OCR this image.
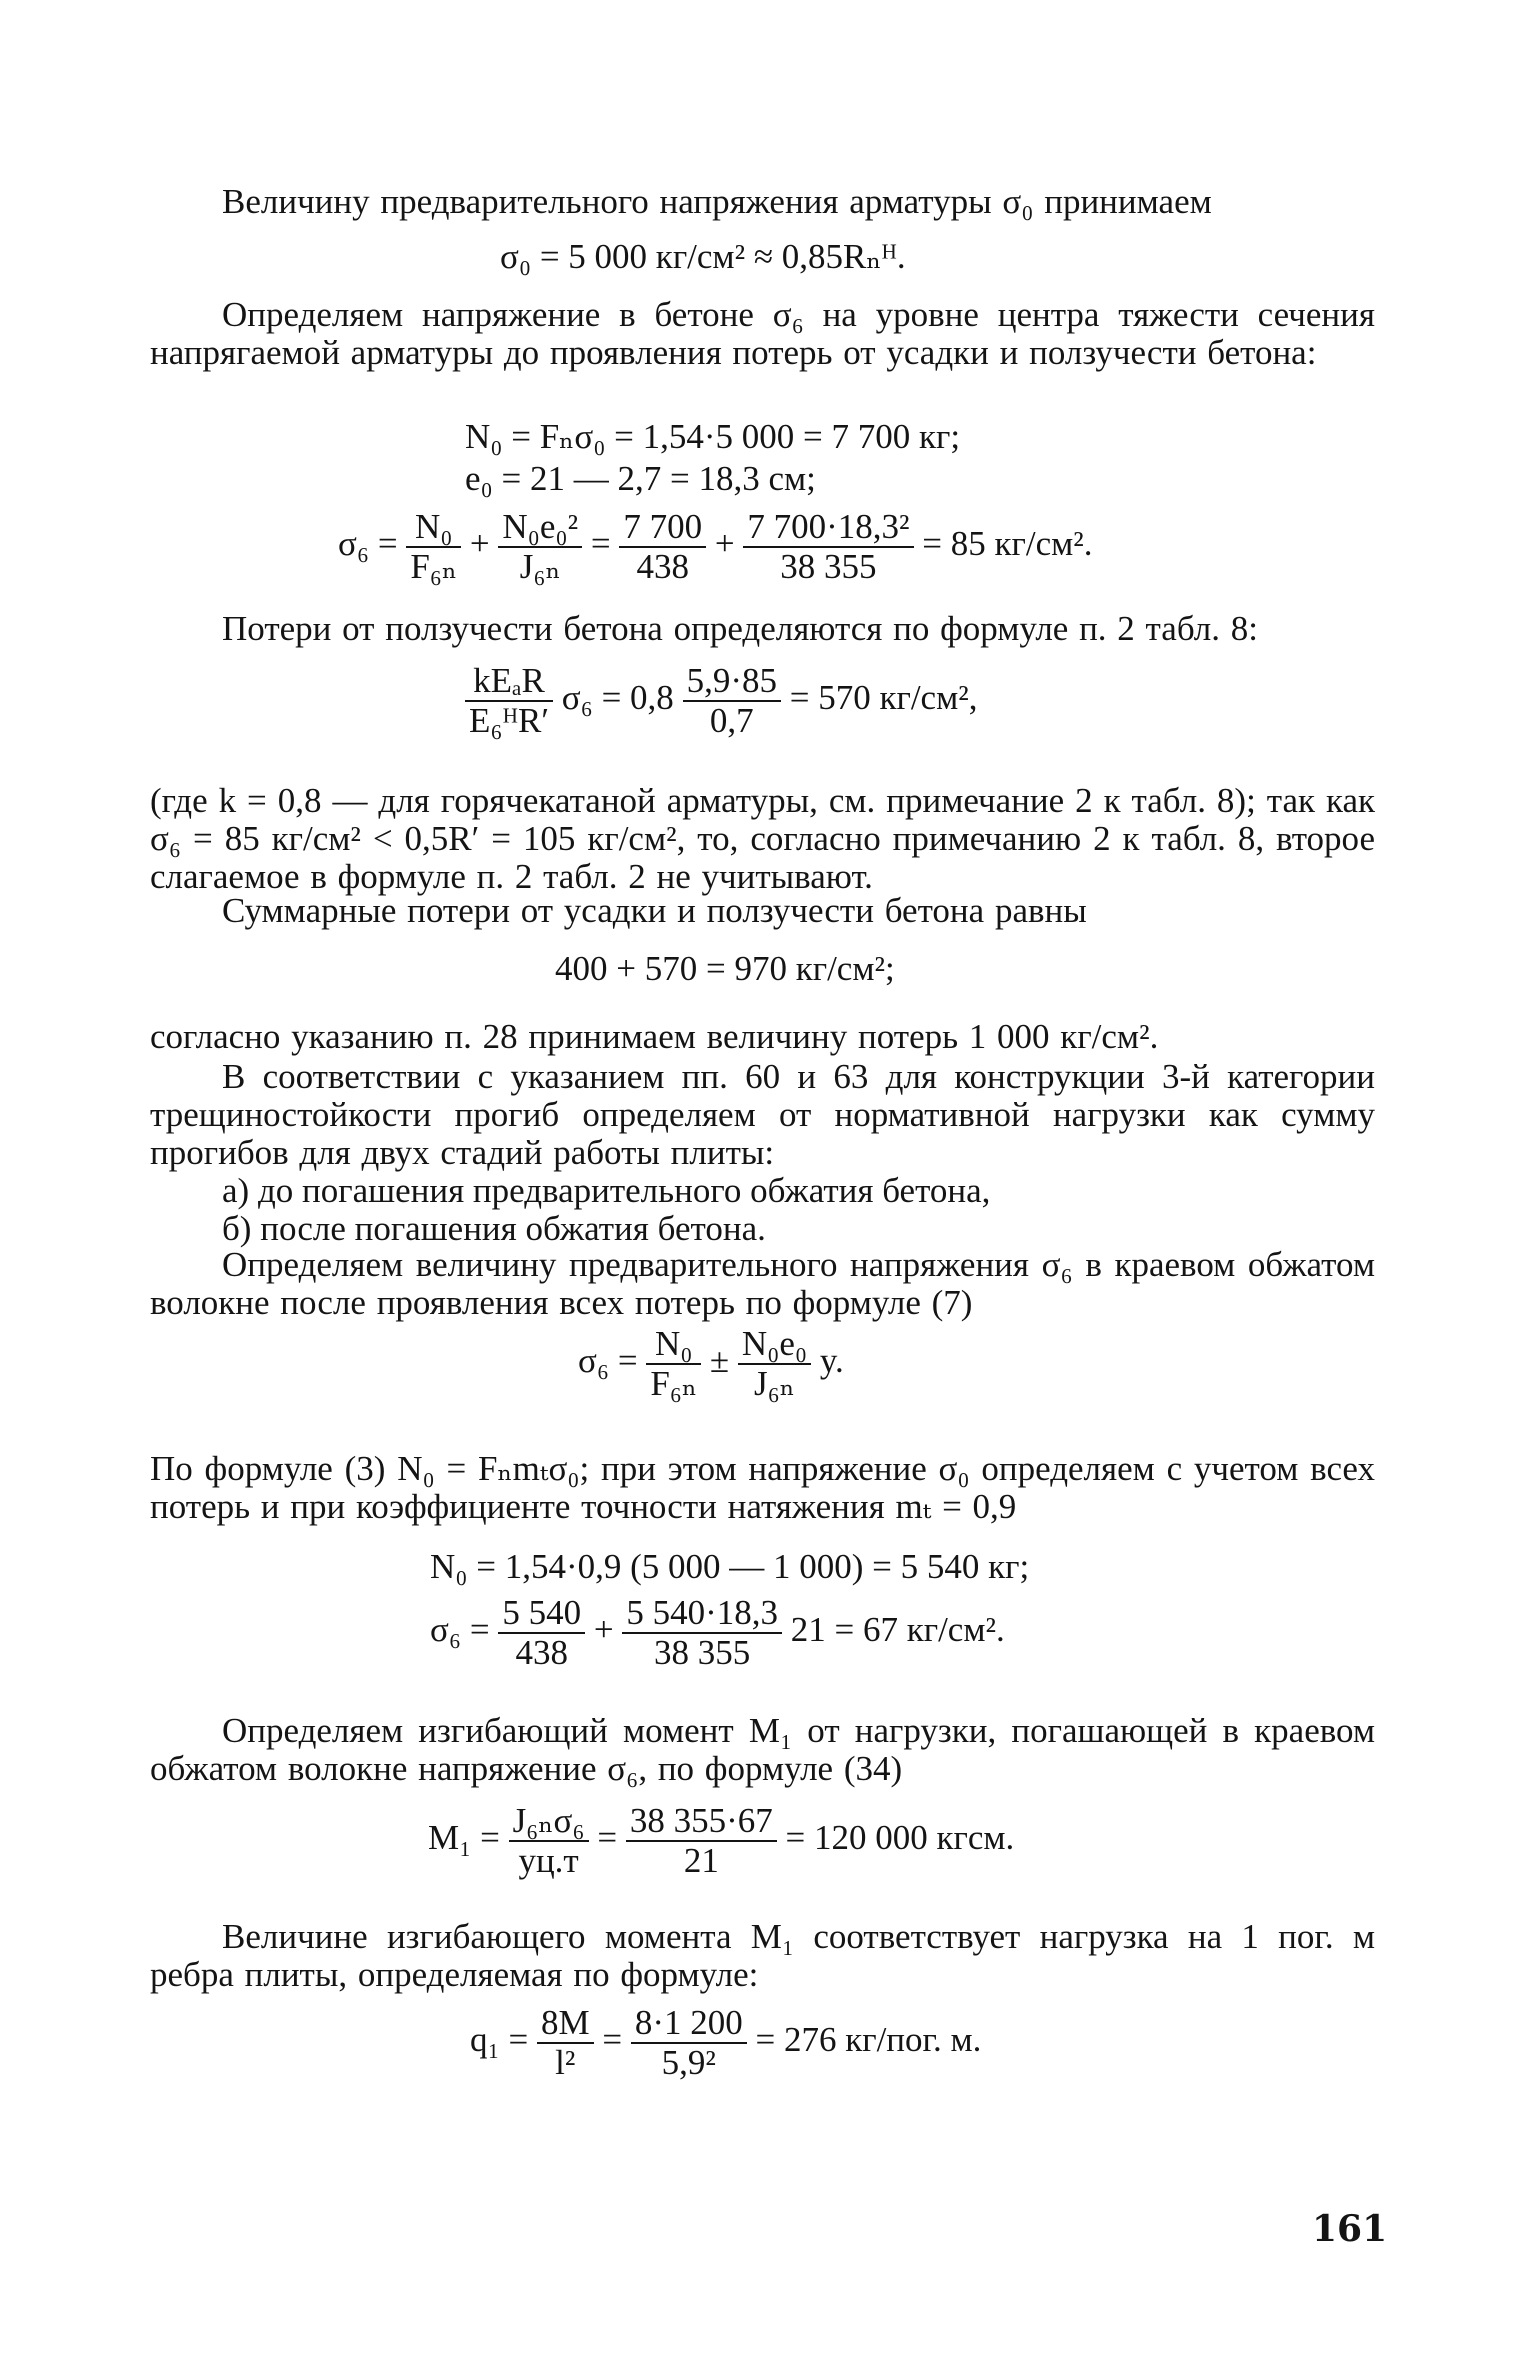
Величину предварительного напряжения арматуры σ₀ принимаем
σ₀ = 5 000 кг/см² ≈ 0,85Rₙᴴ.
Определяем напряжение в бетоне σ₆ на уровне центра тяжести сечения напрягаемой арматуры до проявления потерь от усадки и ползучести бетона:
N₀ = Fₙσ₀ = 1,54·5 000 = 7 700 кг;
e₀ = 21 — 2,7 = 18,3 см;
$\sigma_6 = \frac{\text{N₀}}{\text{F₆ₙ}} + \frac{\text{N₀e₀²}}{\text{J₆ₙ}} = \frac{7 700}{438} + \frac{\text{7 700·18,3²}}{38 355} = 85$ кг/см².
Потери от ползучести бетона определяются по формуле п. 2 табл. 8:
$\frac{\text{kEₐR}}{\text{E₆ᴴR′}} \sigma_6 = 0,8 \frac{5,9\cdot 85}{0,7} = 570$ кг/см²,
(где k = 0,8 — для горячекатаной арматуры, см. примечание 2 к табл. 8); так как σ₆ = 85 кг/см² < 0,5R′ = 105 кг/см², то, согласно примечанию 2 к табл. 8, второе слагаемое в формуле п. 2 табл. 2 не учитывают.
Суммарные потери от усадки и ползучести бетона равны
400 + 570 = 970 кг/см²;
согласно указанию п. 28 принимаем величину потерь 1 000 кг/см².
В соответствии с указанием пп. 60 и 63 для конструкции 3-й категории трещиностойкости прогиб определяем от нормативной нагрузки как сумму прогибов для двух стадий работы плиты:
а) до погашения предварительного обжатия бетона,
б) после погашения обжатия бетона.
Определяем величину предварительного напряжения σ₆ в краевом обжатом волокне после проявления всех потерь по формуле (7)
$\sigma_6 = \frac{\text{N₀}}{\text{F₆ₙ}} \pm \frac{\text{N₀e₀}}{\text{J₆ₙ}} y$.
По формуле (3) N₀ = Fₙmₜσ₀; при этом напряжение σ₀ определяем с учетом всех потерь и при коэффициенте точности натяжения mₜ = 0,9
N₀ = 1,54·0,9 (5 000 — 1 000) = 5 540 кг;
$\sigma_6 = \frac{5 540}{438} + \frac{5 540\cdot 18,3}{38 355} 21 = 67$ кг/см².
Определяем изгибающий момент M₁ от нагрузки, погашающей в краевом обжатом волокне напряжение σ₆, по формуле (34)
$M_1 = \frac{\text{J₆ₙσ₆}}{yц.т} = \frac{38 355\cdot 67}{21} = 120$ 000 кгсм.
Величине изгибающего момента M₁ соответствует нагрузка на 1 пог. м ребра плиты, определяемая по формуле:
$q_1 = \frac{8M}{\text{l²}} = \frac{8\cdot 1 200}{\text{5,9²}} = 276$ кг/пог. м.
161
